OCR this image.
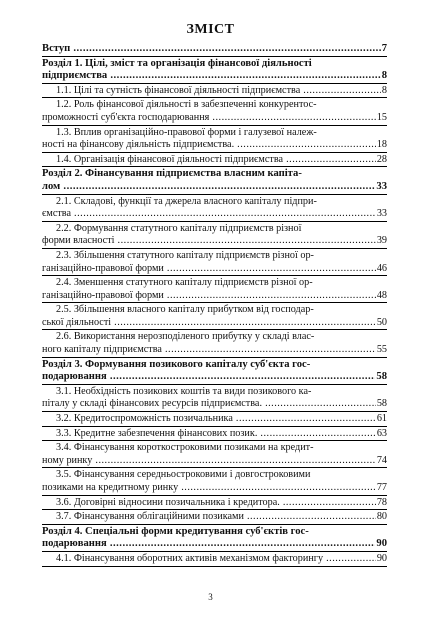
ЗМІСТ
Вступ .....	7
Розділ 1. Цілі, зміст та організація фінансової діяльності
підприємства .....	8
1.1. Цілі та сутність фінансової діяльності підприємства .....	8
1.2. Роль фінансової діяльності в забезпеченні конкурентос-
проможності суб'єкта господарювання .....	15
1.3. Вплив організаційно-правової форми і галузевої належ-
ності на фінансову діяльність підприємства. .....	18
1.4. Організація фінансової діяльності підприємства .....	28
Розділ 2. Фінансування підприємства власним капіта-
лом .....	33
2.1. Складові, функції та джерела власного капіталу підпри-
ємства .....	33
2.2. Формування статутного капіталу підприємств різної
форми власності .....	39
2.3. Збільшення статутного капіталу підприємств різної ор-
ганізаційно-правової форми .....	46
2.4. Зменшення статутного капіталу підприємств різної ор-
ганізаційно-правової форми .....	48
2.5. Збільшення власного капіталу прибутком від господар-
ської діяльності .....	50
2.6. Використання нерозподіленого прибутку у складі влас-
ного капіталу підприємства .....	55
Розділ 3. Формування позикового капіталу суб'єкта гос-
подарювання .....	58
3.1. Необхідність позикових коштів та види позикового ка-
піталу у складі фінансових ресурсів підприємства. .....	58
3.2. Кредитоспроможність позичальника .....	61
3.3. Кредитне забезпечення фінансових позик. .....	63
3.4. Фінансування короткостроковими позиками на кредит-
ному ринку .....	74
3.5. Фінансування середньостроковими і довгостроковими
позиками на кредитному ринку .....	77
3.6. Договірні відносини позичальника і кредитора. .....	78
3.7. Фінансування облігаційними позиками .....	80
Розділ 4. Спеціальні форми кредитування суб'єктів гос-
подарювання .....	90
4.1. Фінансування оборотних активів механізмом факторингу .....	90
3
